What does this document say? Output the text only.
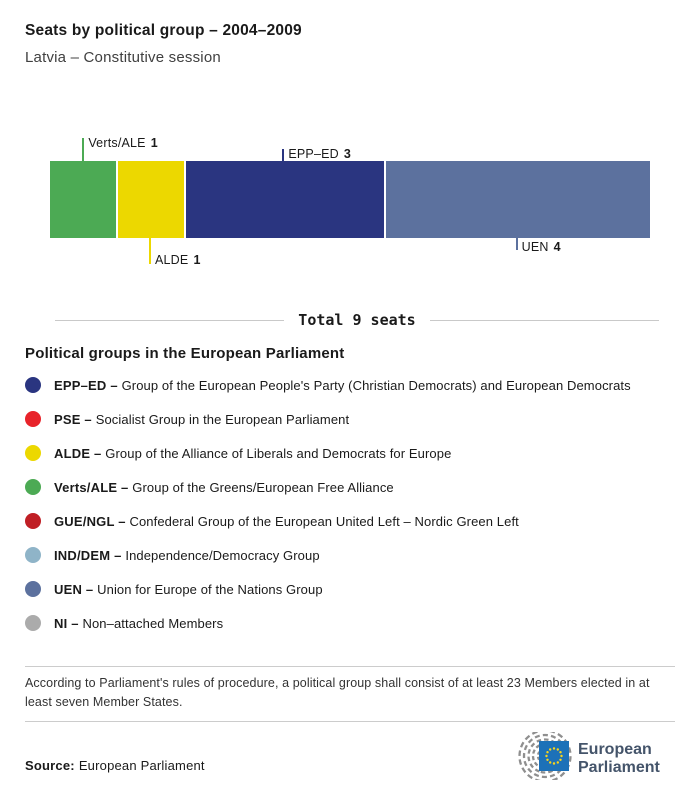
Seats by political group – 2004–2009
Latvia – Constitutive session
Verts/ALE 1
ALDE 1
EPP–ED 3
UEN 4
Total 9 seats
Political groups in the European Parliament
EPP–ED – Group of the European People's Party (Christian Democrats) and European Democrats
PSE – Socialist Group in the European Parliament
ALDE – Group of the Alliance of Liberals and Democrats for Europe
Verts/ALE – Group of the Greens/European Free Alliance
GUE/NGL – Confederal Group of the European United Left – Nordic Green Left
IND/DEM – Independence/Democracy Group
UEN – Union for Europe of the Nations Group
NI – Non–attached Members
According to Parliament's rules of procedure, a political group shall consist of at least 23 Members elected in at least seven Member States.
Source: European Parliament
European
Parliament
